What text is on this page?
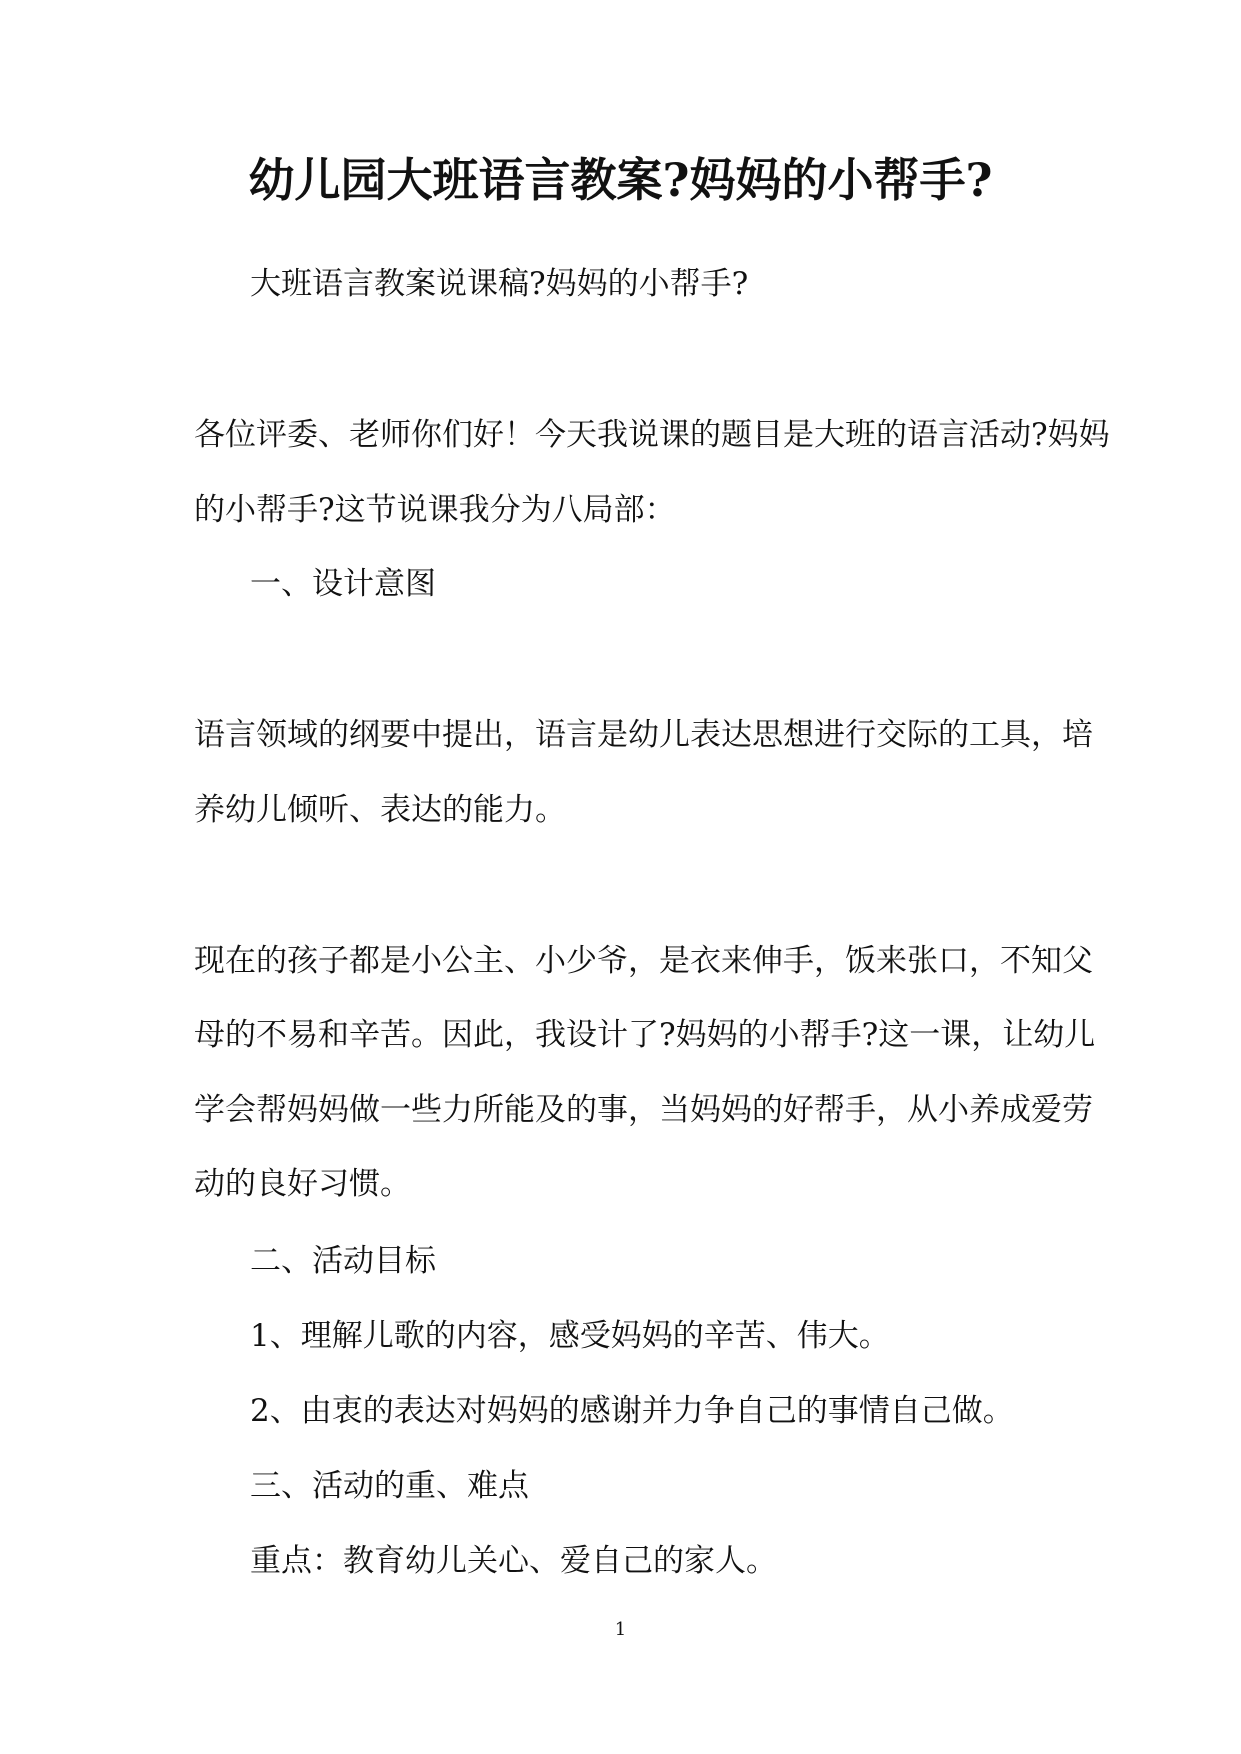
幼儿园大班语言教案?妈妈的小帮手?
大班语言教案说课稿?妈妈的小帮手?
各位评委、老师你们好！今天我说课的题目是大班的语言活动?妈妈
的小帮手?这节说课我分为八局部：
一、设计意图
语言领域的纲要中提出，语言是幼儿表达思想进行交际的工具，培
养幼儿倾听、表达的能力。
现在的孩子都是小公主、小少爷，是衣来伸手，饭来张口，不知父
母的不易和辛苦。因此，我设计了?妈妈的小帮手?这一课，让幼儿
学会帮妈妈做一些力所能及的事，当妈妈的好帮手，从小养成爱劳
动的良好习惯。
二、活动目标
1、理解儿歌的内容，感受妈妈的辛苦、伟大。
2、由衷的表达对妈妈的感谢并力争自己的事情自己做。
三、活动的重、难点
重点：教育幼儿关心、爱自己的家人。
1
